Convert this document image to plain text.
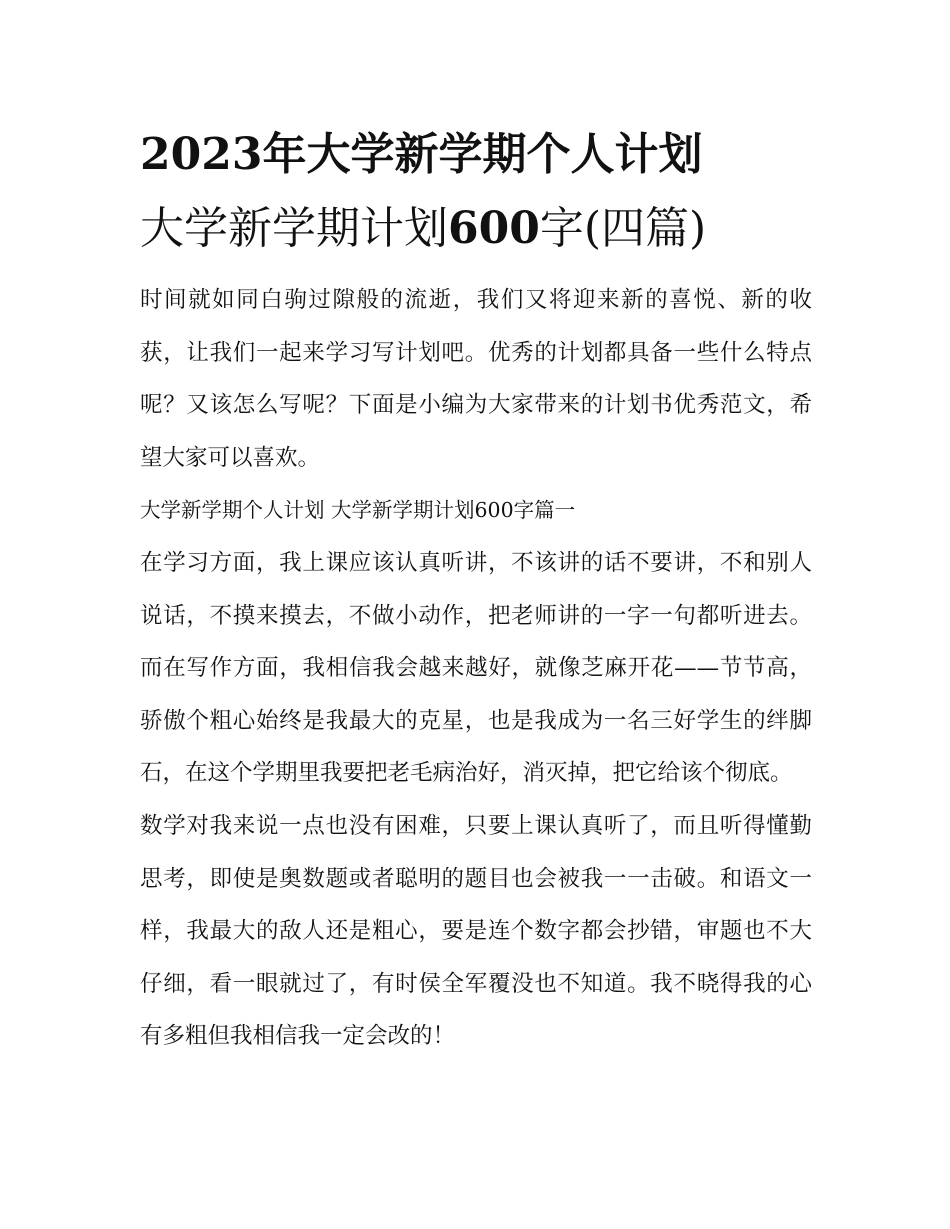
2023年大学新学期个人计划
大学新学期计划600字(四篇)

时间就如同白驹过隙般的流逝，我们又将迎来新的喜悦、新的收获，让我们一起来学习写计划吧。优秀的计划都具备一些什么特点呢？又该怎么写呢？下面是小编为大家带来的计划书优秀范文，希望大家可以喜欢。

大学新学期个人计划 大学新学期计划600字篇一

在学习方面，我上课应该认真听讲，不该讲的话不要讲，不和别人说话，不摸来摸去，不做小动作，把老师讲的一字一句都听进去。而在写作方面，我相信我会越来越好，就像芝麻开花——节节高，骄傲个粗心始终是我最大的克星，也是我成为一名三好学生的绊脚石，在这个学期里我要把老毛病治好，消灭掉，把它给该个彻底。

数学对我来说一点也没有困难，只要上课认真听了，而且听得懂勤思考，即使是奥数题或者聪明的题目也会被我一一击破。和语文一样，我最大的敌人还是粗心，要是连个数字都会抄错，审题也不大仔细，看一眼就过了，有时侯全军覆没也不知道。我不晓得我的心有多粗但我相信我一定会改的！
